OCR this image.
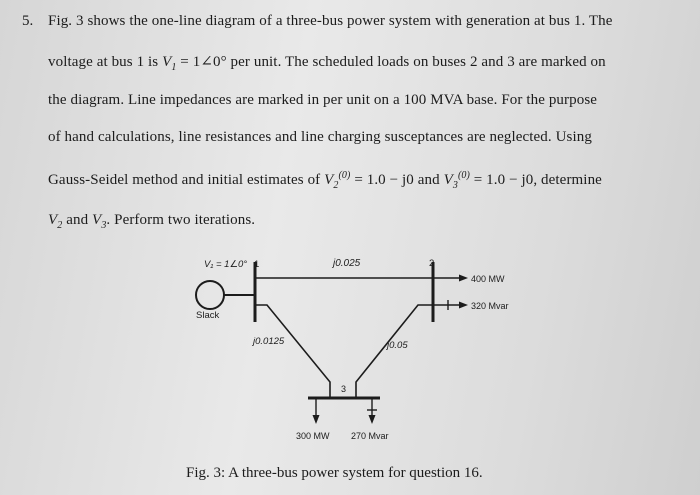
5. Fig. 3 shows the one-line diagram of a three-bus power system with generation at bus 1. The
voltage at bus 1 is $V_1$ = 1∠0° per unit. The scheduled loads on buses 2 and 3 are marked on
the diagram. Line impedances are marked in per unit on a 100 MVA base. For the purpose
of hand calculations, line resistances and line charging susceptances are neglected. Using
Gauss-Seidel method and initial estimates of $V_2^{(0)} = 1.0 - j0$ and $V_3^{(0)} = 1.0 - j0$, determine
$V_2$ and $V_3$. Perform two iterations.
V₁ = 1∠0° 1
Slack
j0.025	2
400 MW
320 Mvar
j0.0125	j0.05
3
300 MW 270 Mvar
Fig. 3: A three-bus power system for question 16.
